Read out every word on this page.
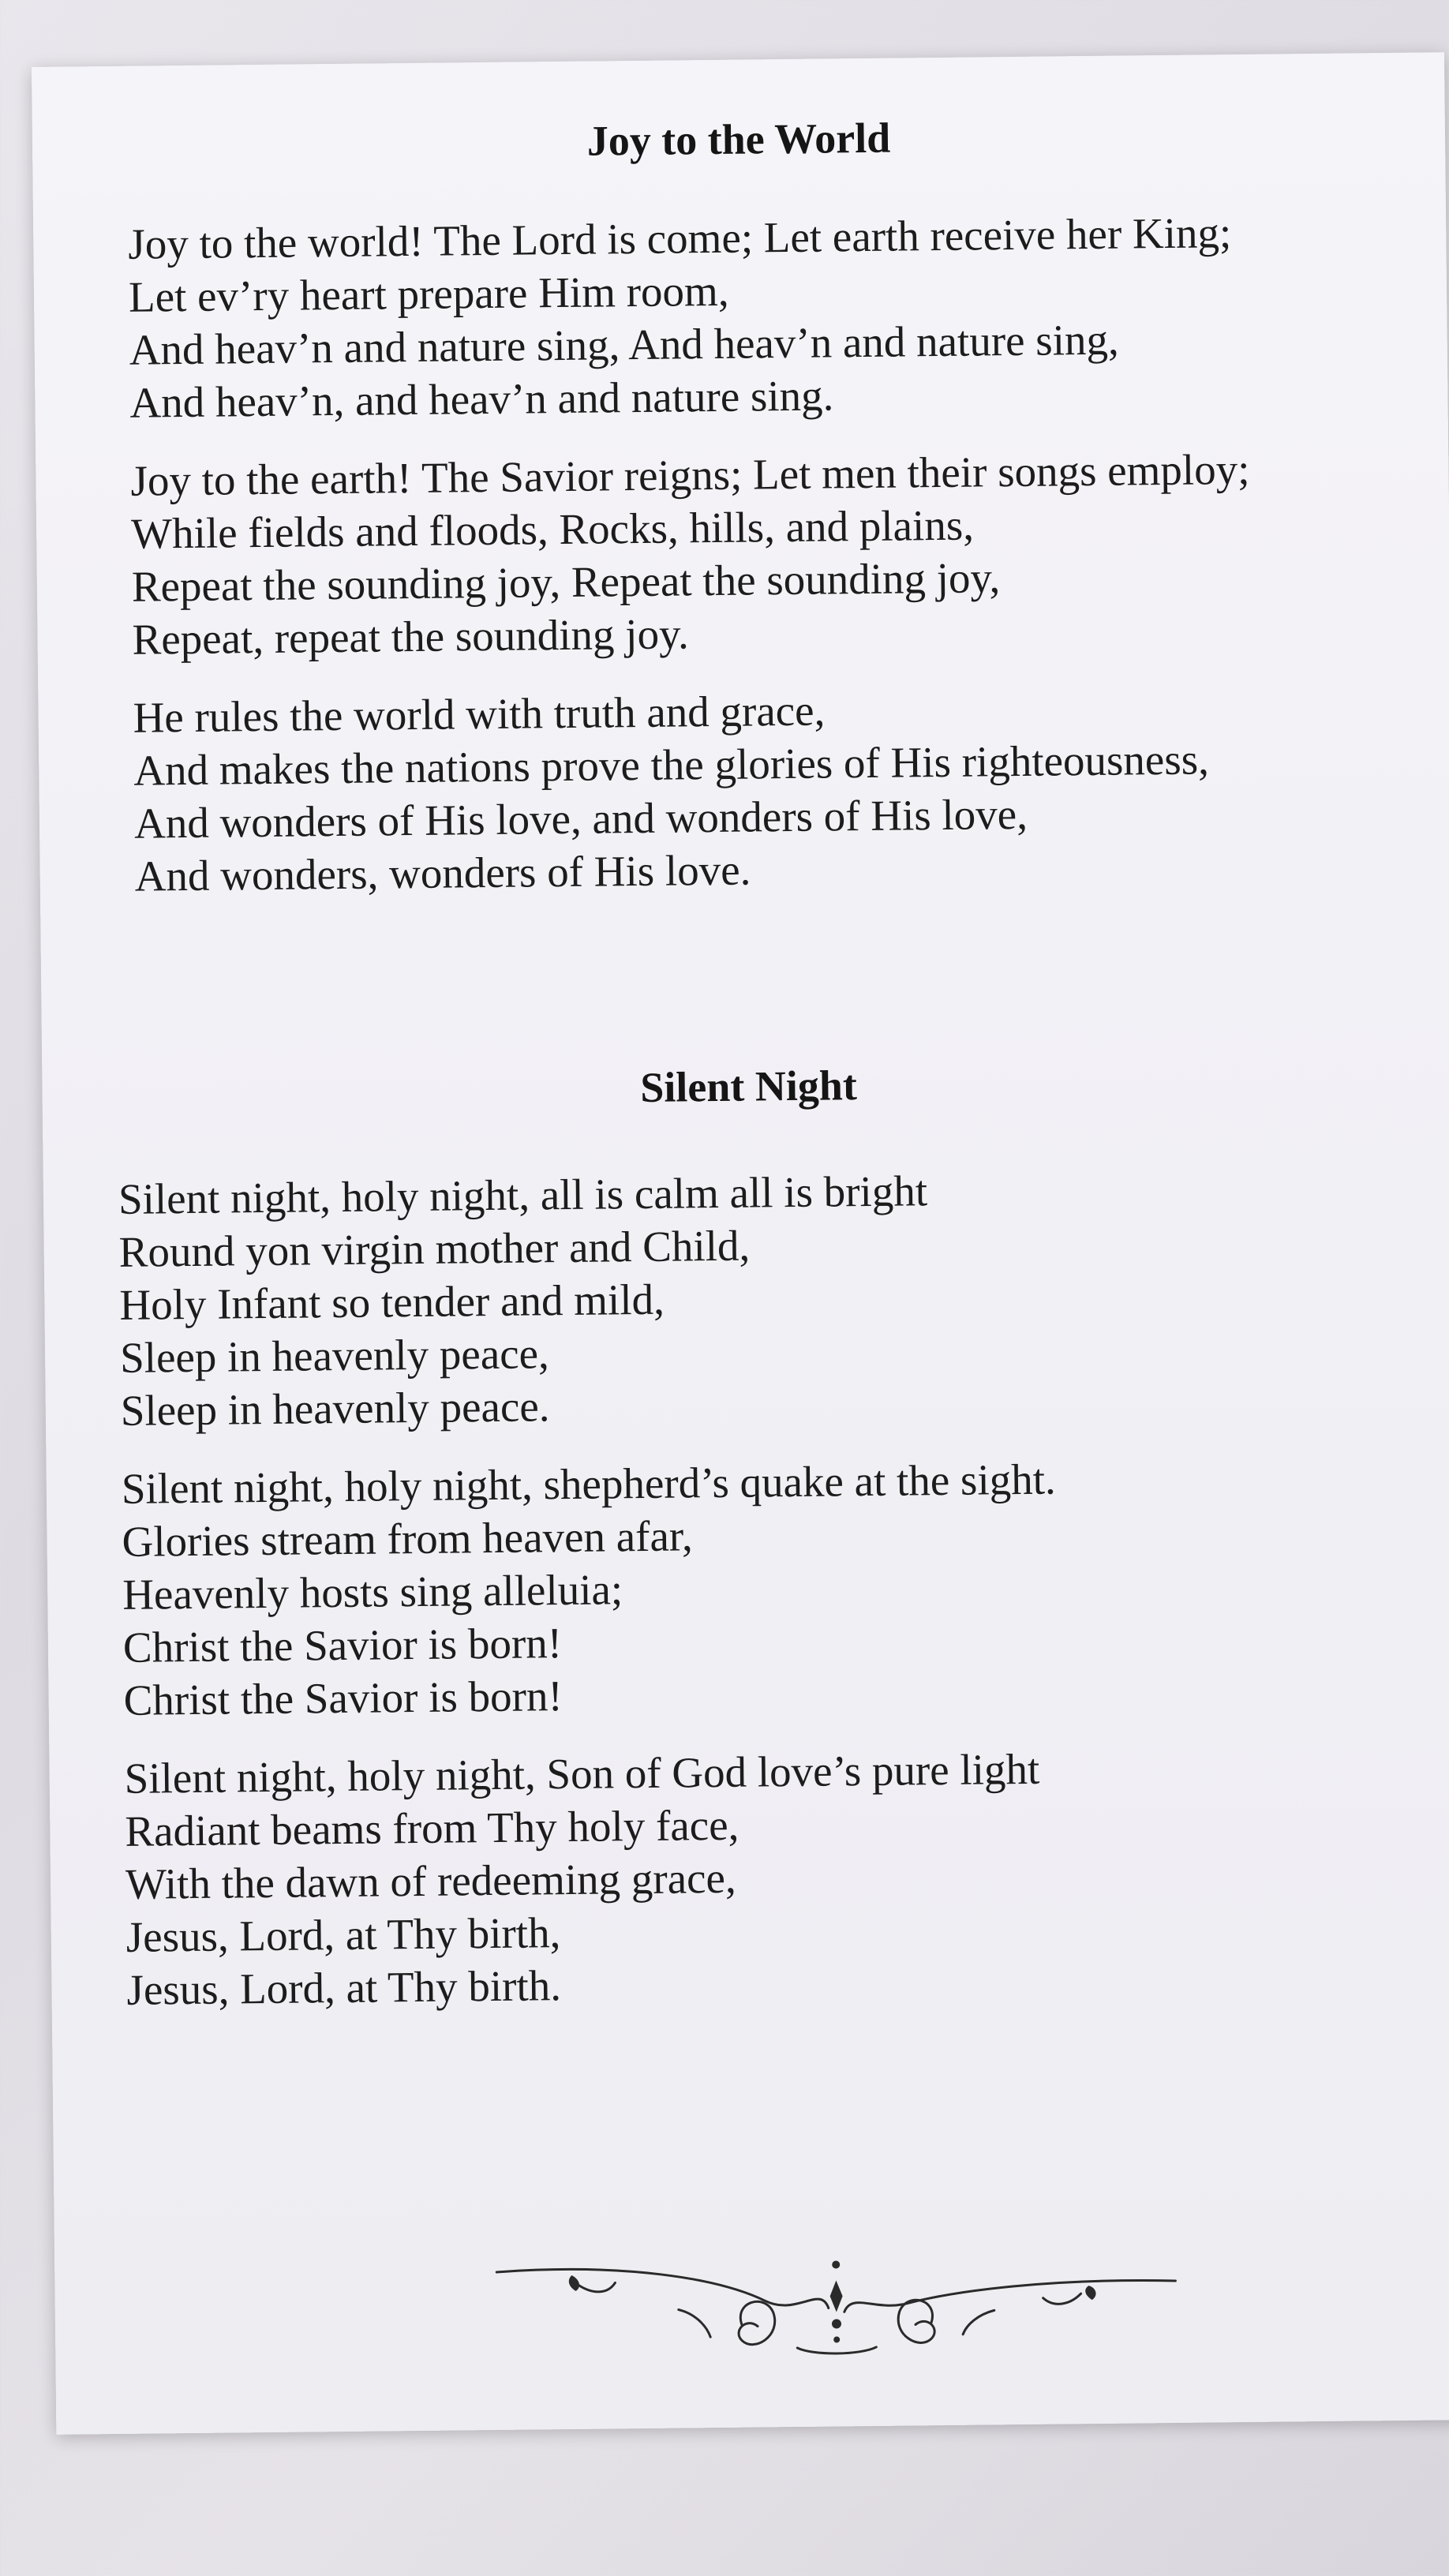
Joy to the World
Joy to the world! The Lord is come; Let earth receive her King;
Let ev’ry heart prepare Him room,
And heav’n and nature sing, And heav’n and nature sing,
And heav’n, and heav’n and nature sing.
Joy to the earth! The Savior reigns; Let men their songs employ;
While fields and floods, Rocks, hills, and plains,
Repeat the sounding joy, Repeat the sounding joy,
Repeat, repeat the sounding joy.
He rules the world with truth and grace,
And makes the nations prove the glories of His righteousness,
And wonders of His love, and wonders of His love,
And wonders, wonders of His love.
Silent Night
Silent night, holy night, all is calm all is bright
Round yon virgin mother and Child,
Holy Infant so tender and mild,
Sleep in heavenly peace,
Sleep in heavenly peace.
Silent night, holy night, shepherd’s quake at the sight.
Glories stream from heaven afar,
Heavenly hosts sing alleluia;
Christ the Savior is born!
Christ the Savior is born!
Silent night, holy night, Son of God love’s pure light
Radiant beams from Thy holy face,
With the dawn of redeeming grace,
Jesus, Lord, at Thy birth,
Jesus, Lord, at Thy birth.
